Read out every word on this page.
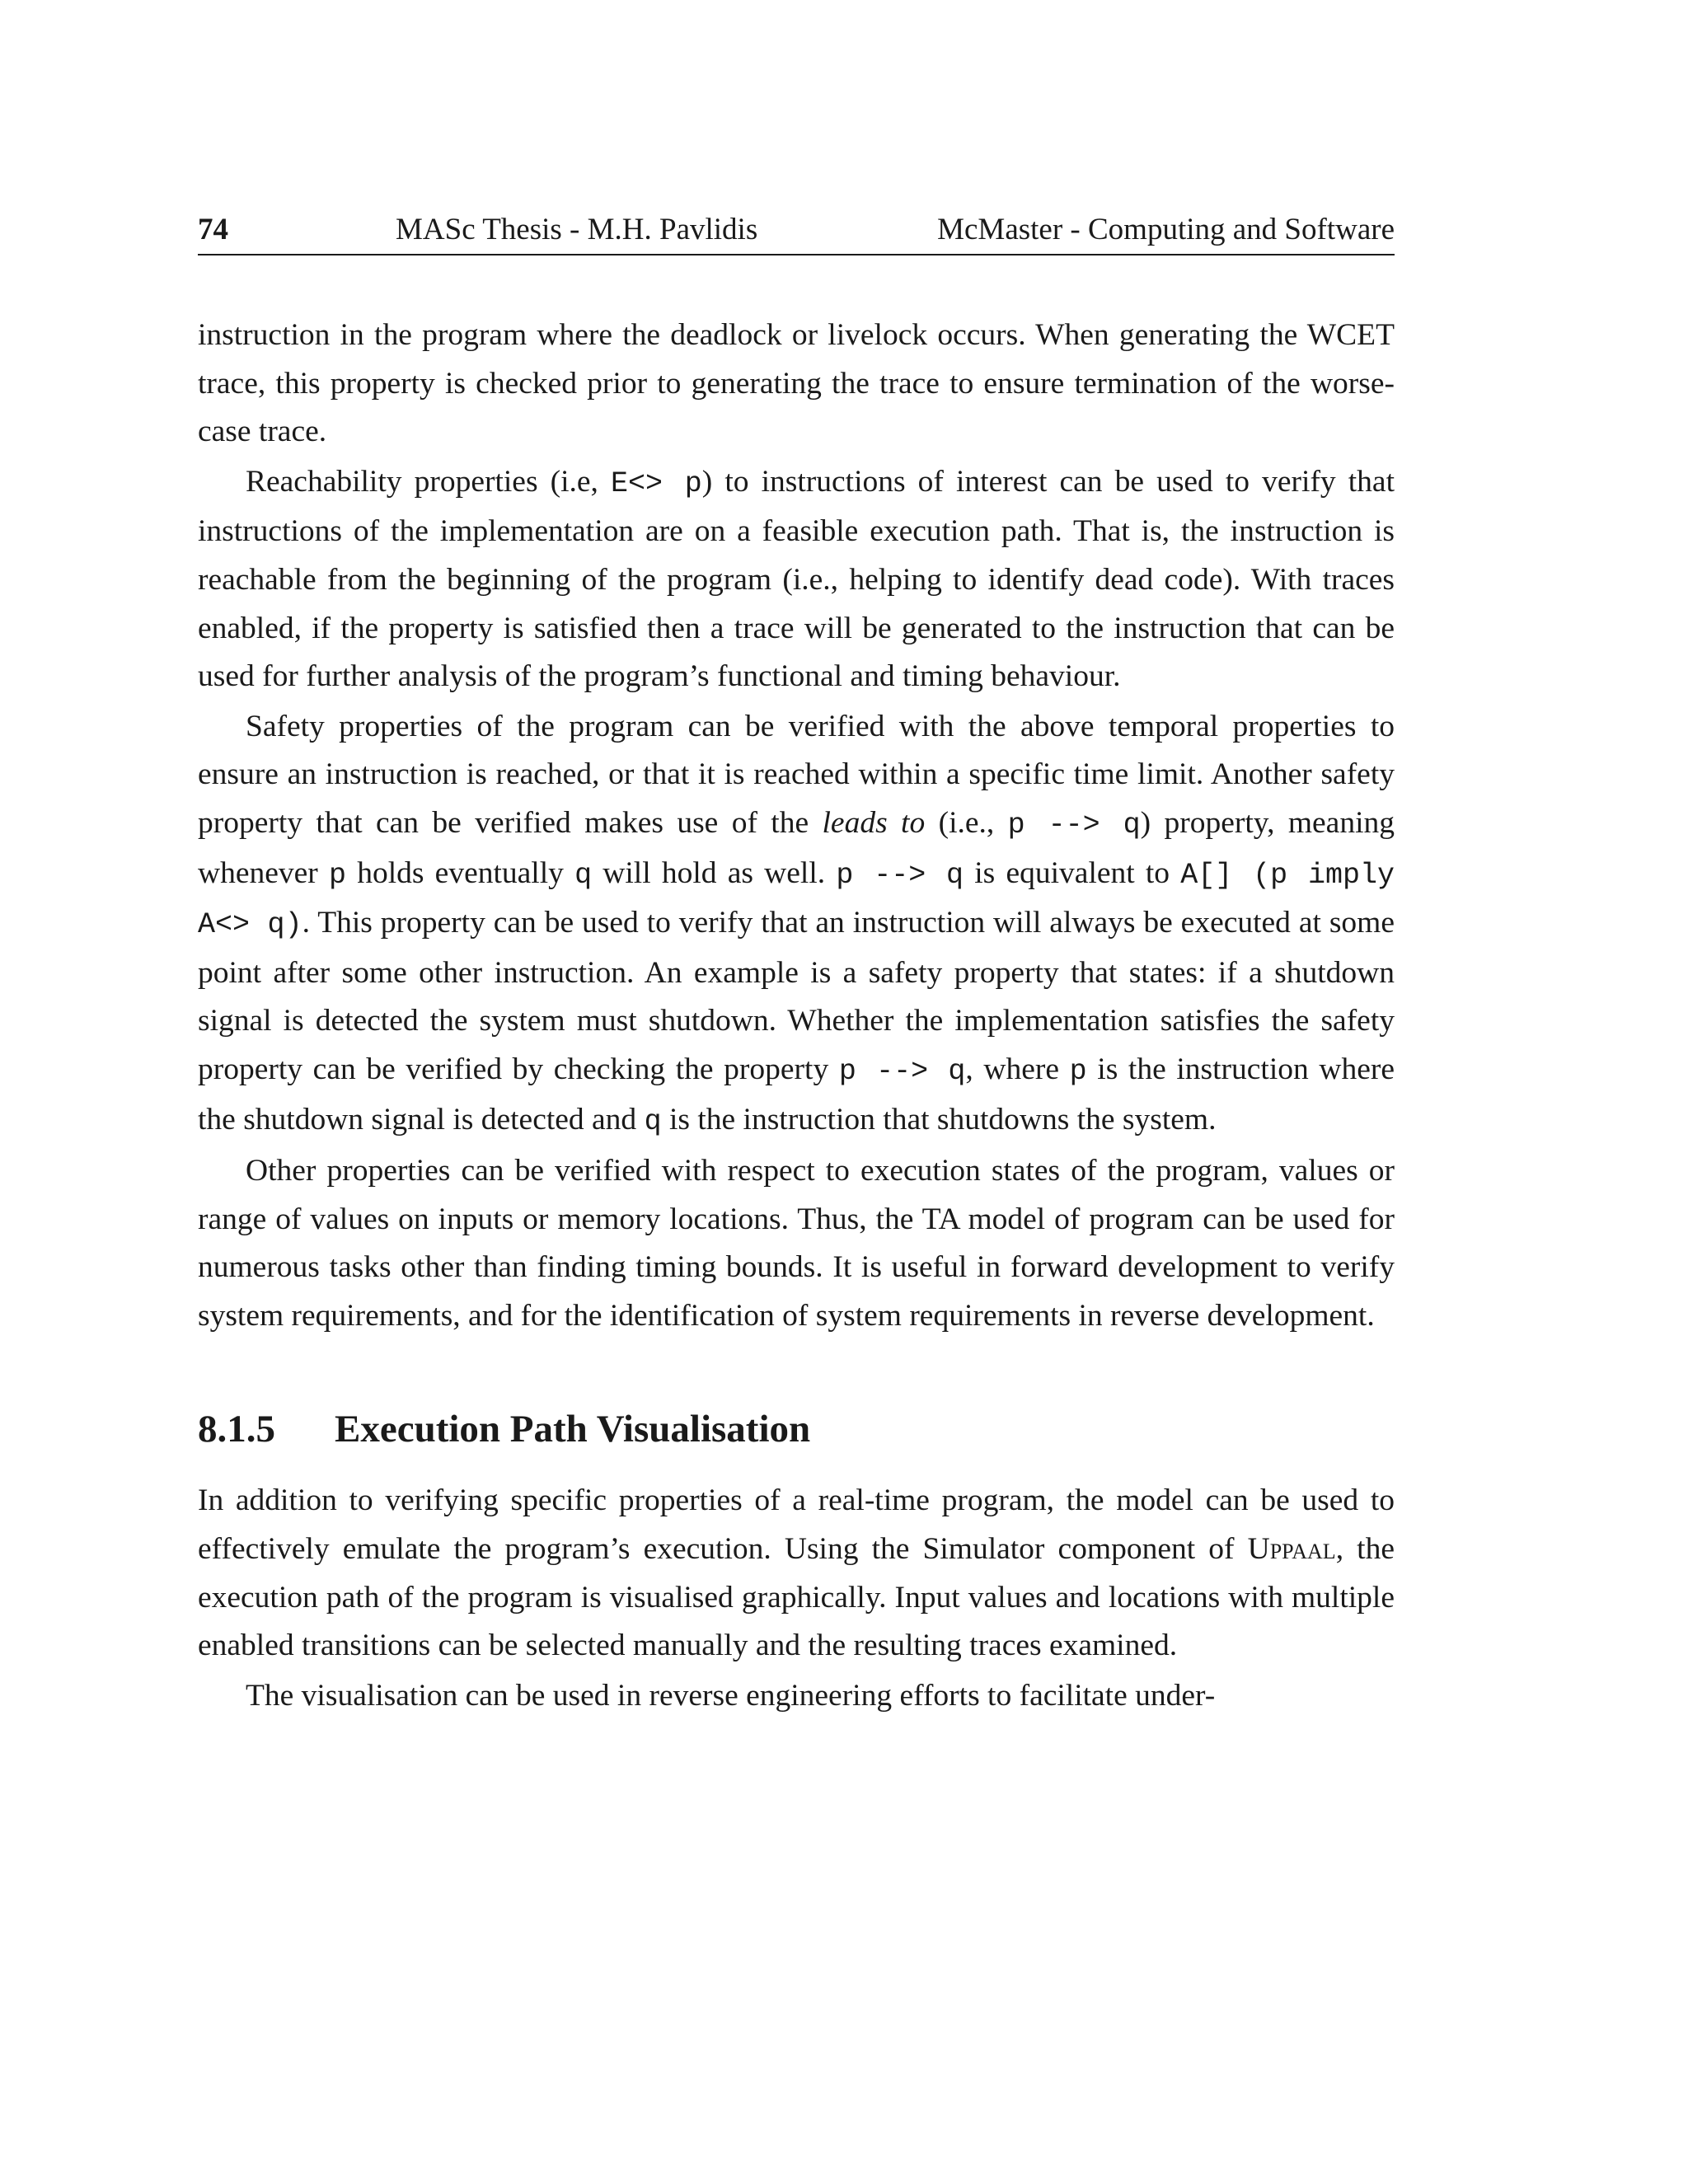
74	MASc Thesis - M.H. Pavlidis	McMaster - Computing and Software

instruction in the program where the deadlock or livelock occurs. When generating the WCET trace, this property is checked prior to generating the trace to ensure termination of the worse-case trace.

Reachability properties (i.e, E<> p) to instructions of interest can be used to verify that instructions of the implementation are on a feasible execution path. That is, the instruction is reachable from the beginning of the program (i.e., helping to identify dead code). With traces enabled, if the property is satisfied then a trace will be generated to the instruction that can be used for further analysis of the program’s functional and timing behaviour.

Safety properties of the program can be verified with the above temporal properties to ensure an instruction is reached, or that it is reached within a specific time limit. Another safety property that can be verified makes use of the leads to (i.e., p --> q) property, meaning whenever p holds eventually q will hold as well. p --> q is equivalent to A[] (p imply A<> q). This property can be used to verify that an instruction will always be executed at some point after some other instruction. An example is a safety property that states: if a shutdown signal is detected the system must shutdown. Whether the implementation satisfies the safety property can be verified by checking the property p --> q, where p is the instruction where the shutdown signal is detected and q is the instruction that shutdowns the system.

Other properties can be verified with respect to execution states of the program, values or range of values on inputs or memory locations. Thus, the TA model of program can be used for numerous tasks other than finding timing bounds. It is useful in forward development to verify system requirements, and for the identification of system requirements in reverse development.

8.1.5 Execution Path Visualisation

In addition to verifying specific properties of a real-time program, the model can be used to effectively emulate the program’s execution. Using the Simulator component of Uppaal, the execution path of the program is visualised graphically. Input values and locations with multiple enabled transitions can be selected manually and the resulting traces examined.

The visualisation can be used in reverse engineering efforts to facilitate under-
